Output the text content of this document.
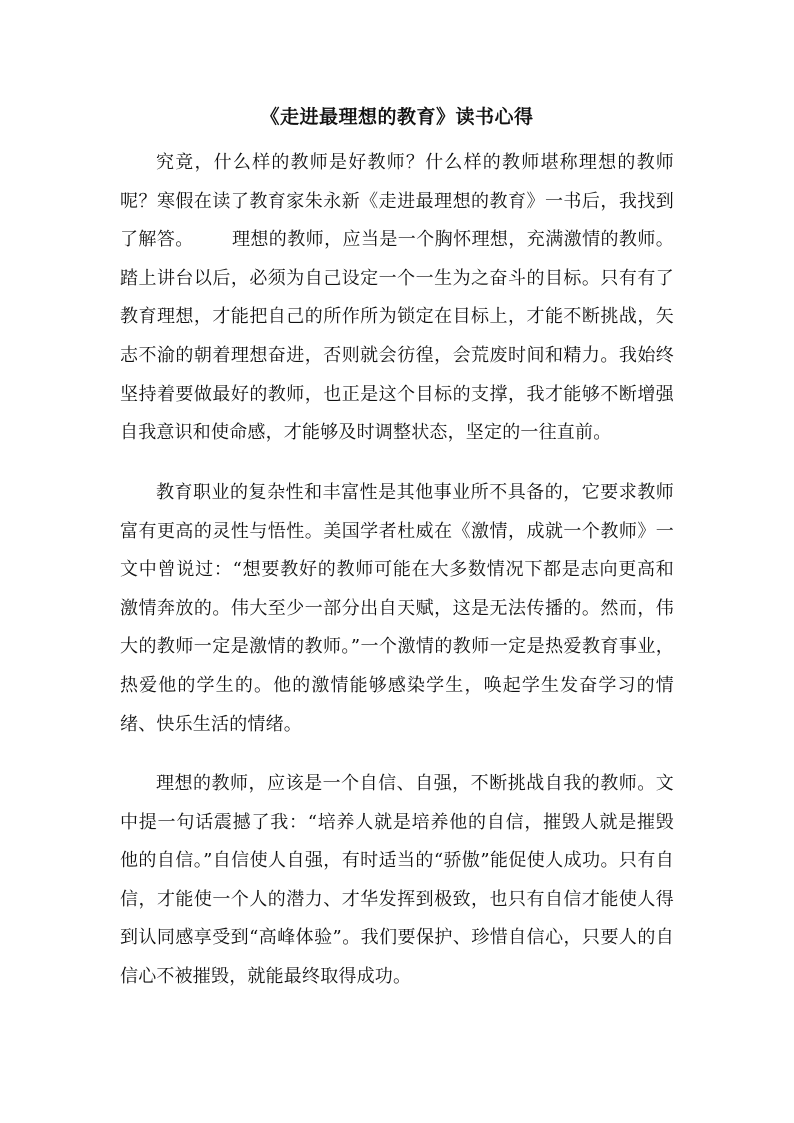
《走进最理想的教育》读书心得

究竟，什么样的教师是好教师？什么样的教师堪称理想的教师呢？寒假在读了教育家朱永新《走进最理想的教育》一书后，我找到了解答。 理想的教师，应当是一个胸怀理想，充满激情的教师。踏上讲台以后，必须为自己设定一个一生为之奋斗的目标。只有有了教育理想，才能把自己的所作所为锁定在目标上，才能不断挑战，矢志不渝的朝着理想奋进，否则就会彷徨，会荒废时间和精力。我始终坚持着要做最好的教师，也正是这个目标的支撑，我才能够不断增强自我意识和使命感，才能够及时调整状态，坚定的一往直前。

教育职业的复杂性和丰富性是其他事业所不具备的，它要求教师富有更高的灵性与悟性。美国学者杜威在《激情，成就一个教师》一文中曾说过：“想要教好的教师可能在大多数情况下都是志向更高和激情奔放的。伟大至少一部分出自天赋，这是无法传播的。然而，伟大的教师一定是激情的教师。”一个激情的教师一定是热爱教育事业，热爱他的学生的。他的激情能够感染学生，唤起学生发奋学习的情绪、快乐生活的情绪。

理想的教师，应该是一个自信、自强，不断挑战自我的教师。文中提一句话震撼了我：“培养人就是培养他的自信，摧毁人就是摧毁他的自信。”自信使人自强，有时适当的“骄傲”能促使人成功。只有自信，才能使一个人的潜力、才华发挥到极致，也只有自信才能使人得到认同感享受到“高峰体验”。我们要保护、珍惜自信心，只要人的自信心不被摧毁，就能最终取得成功。
